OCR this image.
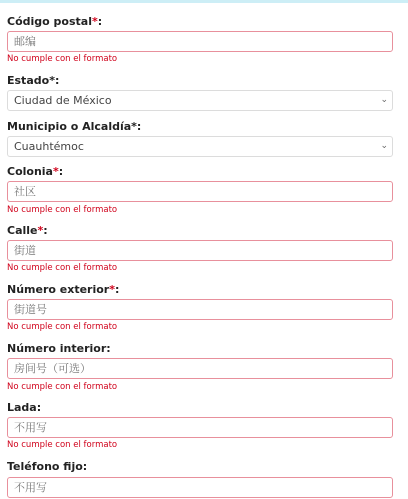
Código postal*:
邮编
No cumple con el formato
Estado*:
Ciudad de México	⌄
Municipio o Alcaldía*:
Cuauhtémoc	⌄
Colonia*:
社区
No cumple con el formato
Calle*:
街道
No cumple con el formato
Número exterior*:
街道号
No cumple con el formato
Número interior:
房间号（可选）
No cumple con el formato
Lada:
不用写
No cumple con el formato
Teléfono fijo:
不用写
